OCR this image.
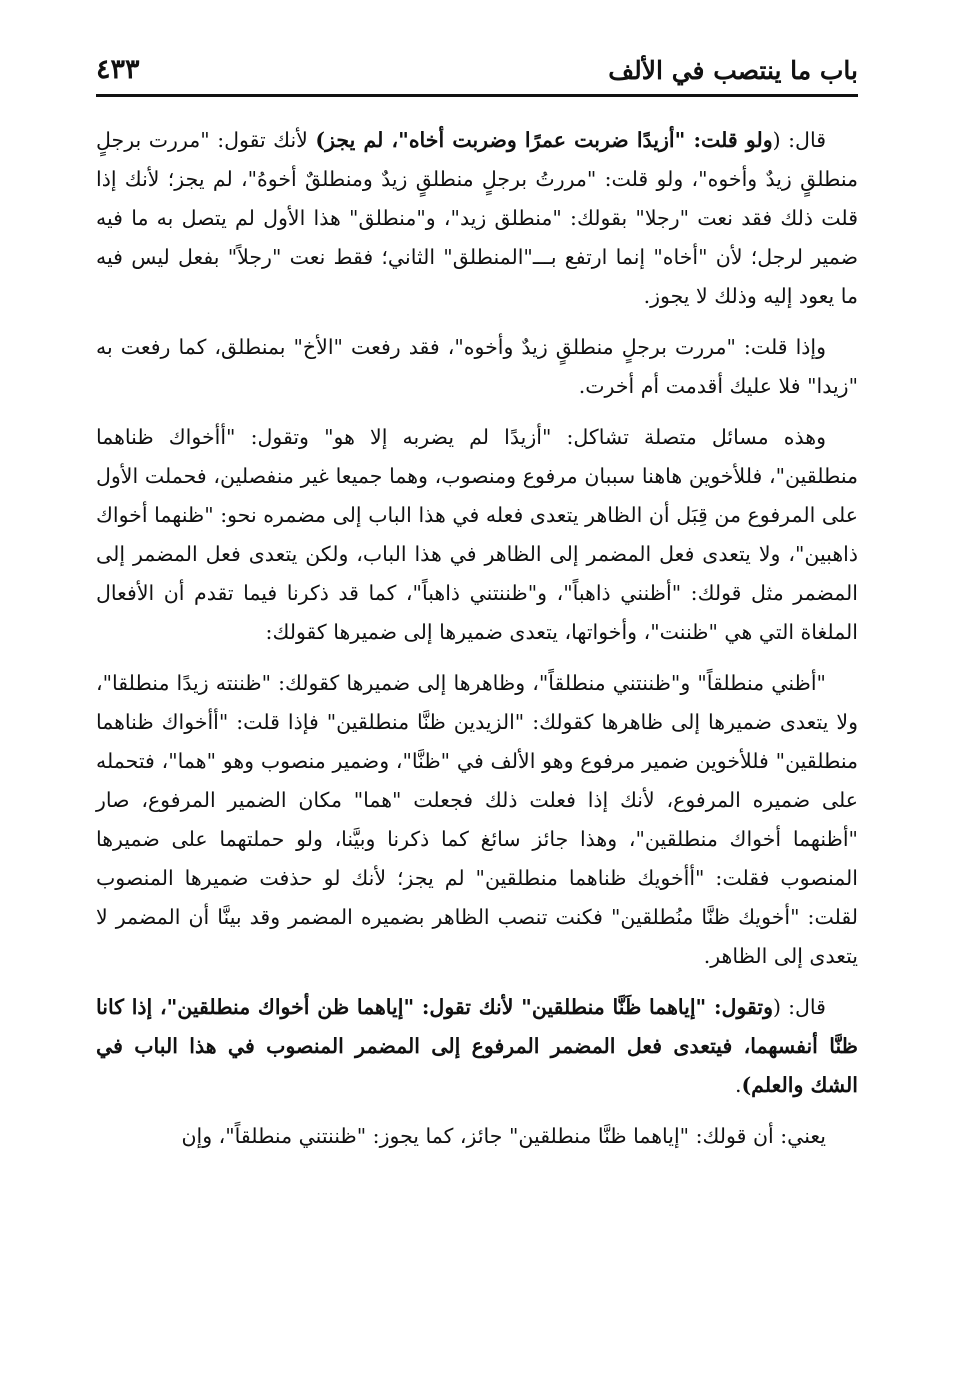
باب ما ينتصب في الألف
٤٣٣

قال: (ولو قلت: "أزيدًا ضربت عمرًا وضربت أخاه"، لم يجز) لأنك تقول: "مررت برجلٍ منطلقٍ زيدٌ وأخوه"، ولو قلت: "مررتُ برجلٍ منطلقٍ زيدٌ ومنطلقٌ أخوهُ"، لم يجز؛ لأنك إذا قلت ذلك فقد نعت "رجلا" بقولك: "منطلق زيد"، و"منطلق" هذا الأول لم يتصل به ما فيه ضمير لرجل؛ لأن "أخاه" إنما ارتفع بـــ"المنطلق" الثاني؛ فقط نعت "رجلاً" بفعل ليس فيه ما يعود إليه وذلك لا يجوز.

وإذا قلت: "مررت برجلٍ منطلقٍ زيدٌ وأخوه"، فقد رفعت "الأخ" بمنطلق، كما رفعت به "زيدا" فلا عليك أقدمت أم أخرت.

وهذه مسائل متصلة تشاكل: "أزيدًا لم يضربه إلا هو" وتقول: "أأخواك ظناهما منطلقين"، فللأخوين هاهنا سببان مرفوع ومنصوب، وهما جميعا غير منفصلين، فحملت الأول على المرفوع من قِبَل أن الظاهر يتعدى فعله في هذا الباب إلى مضمره نحو: "ظنهما أخواك ذاهبين"، ولا يتعدى فعل المضمر إلى الظاهر في هذا الباب، ولكن يتعدى فعل المضمر إلى المضمر مثل قولك: "أظنني ذاهباً"، و"ظننتني ذاهباً"، كما قد ذكرنا فيما تقدم أن الأفعال الملغاة التي هي "ظننت"، وأخواتها، يتعدى ضميرها إلى ضميرها كقولك:

"أظني منطلقاً" و"ظننتني منطلقاً"، وظاهرها إلى ضميرها كقولك: "ظننته زيدًا منطلقا"، ولا يتعدى ضميرها إلى ظاهرها كقولك: "الزيدين ظنَّا منطلقين" فإذا قلت: "أأخواك ظناهما منطلقين" فللأخوين ضمير مرفوع وهو الألف في "ظنَّا"، وضمير منصوب وهو "هما"، فتحمله على ضميره المرفوع، لأنك إذا فعلت ذلك فجعلت "هما" مكان الضمير المرفوع، صار "أظنهما أخواك منطلقين"، وهذا جائز سائغ كما ذكرنا وبيَّنا، ولو حملتهما على ضميرها المنصوب فقلت: "أأخويك ظناهما منطلقين" لم يجز؛ لأنك لو حذفت ضميرها المنصوب لقلت: "أخويك ظنَّا منُطلقين" فكنت تنصب الظاهر بضميره المضمر وقد بينَّا أن المضمر لا يتعدى إلى الظاهر.

قال: (وتقول: "إياهما ظَنَّا منطلقين" لأنك تقول: "إياهما ظن أخواك منطلقين"، إذا كانا ظنَّا أنفسهما، فيتعدى فعل المضمر المرفوع إلى المضمر المنصوب في هذا الباب في الشك والعلم).

يعني: أن قولك: "إياهما ظنَّا منطلقين" جائز، كما يجوز: "ظننتني منطلقاً"، وإن
